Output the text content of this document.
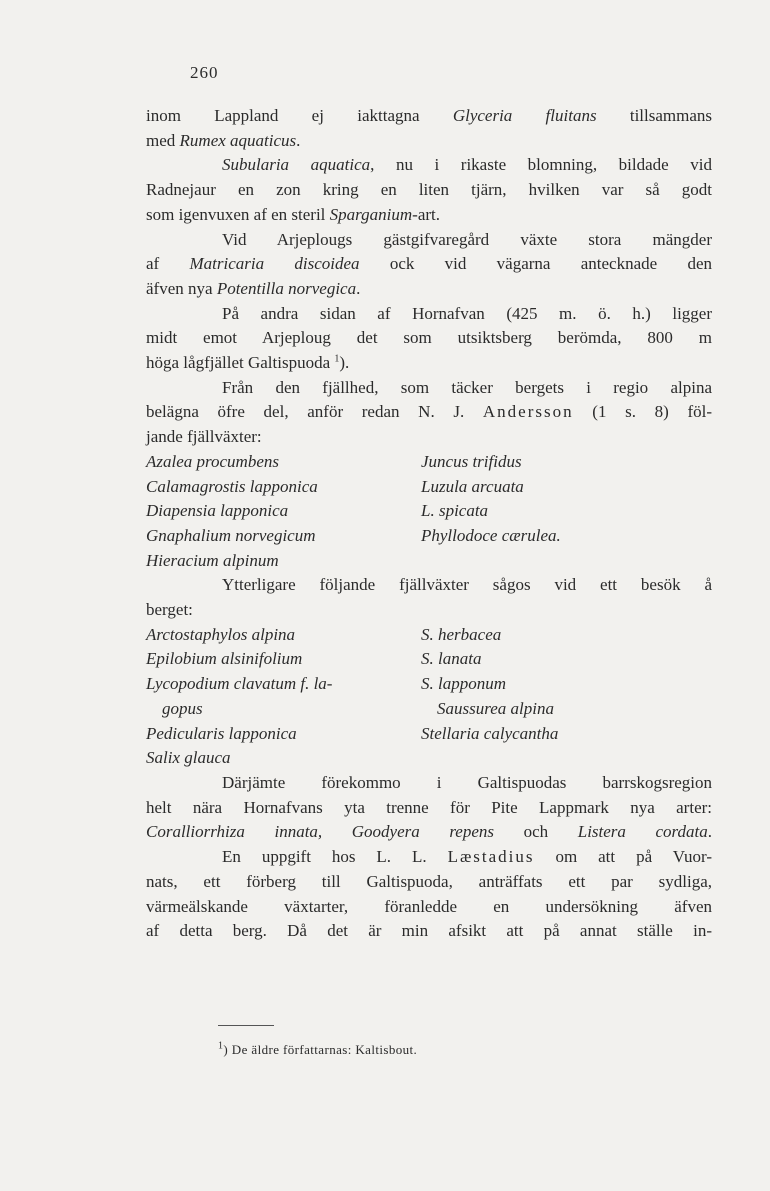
260
inom Lappland ej iakttagna Glyceria fluitans tillsammans
med Rumex aquaticus.
Subularia aquatica, nu i rikaste blomning, bildade vid
Radnejaur en zon kring en liten tjärn, hvilken var så godt
som igenvuxen af en steril Sparganium-art.
Vid Arjeplougs gästgifvaregård växte stora mängder
af Matricaria discoidea ock vid vägarna antecknade den
äfven nya Potentilla norvegica.
På andra sidan af Hornafvan (425 m. ö. h.) ligger
midt emot Arjeploug det som utsiktsberg berömda, 800 m
höga lågfjället Galtispuoda $^1$).
Från den fjällhed, som täcker bergets i regio alpina
belägna öfre del, anför redan N. J. Andersson (1 s. 8) föl-
jande fjällväxter:
Azalea procumbens	Juncus trifidus
Calamagrostis lapponica	Luzula arcuata
Diapensia lapponica	L. spicata
Gnaphalium norvegicum	Phyllodoce cærulea.
Hieracium alpinum
Ytterligare följande fjällväxter sågos vid ett besök å
berget:
Arctostaphylos alpina	S. herbacea
Epilobium alsinifolium	S. lanata
Lycopodium clavatum f. la-	S. lapponum
gopus	Saussurea alpina
Pedicularis lapponica	Stellaria calycantha
Salix glauca
Därjämte förekommo i Galtispuodas barrskogsregion
helt nära Hornafvans yta trenne för Pite Lappmark nya arter:
Coralliorrhiza innata, Goodyera repens och Listera cordata.
En uppgift hos L. L. Læstadius om att på Vuor-
nats, ett förberg till Galtispuoda, anträffats ett par sydliga,
värmeälskande växtarter, föranledde en undersökning äfven
af detta berg. Då det är min afsikt att på annat ställe in-
$^1$) De äldre författarnas: Kaltisbout.
